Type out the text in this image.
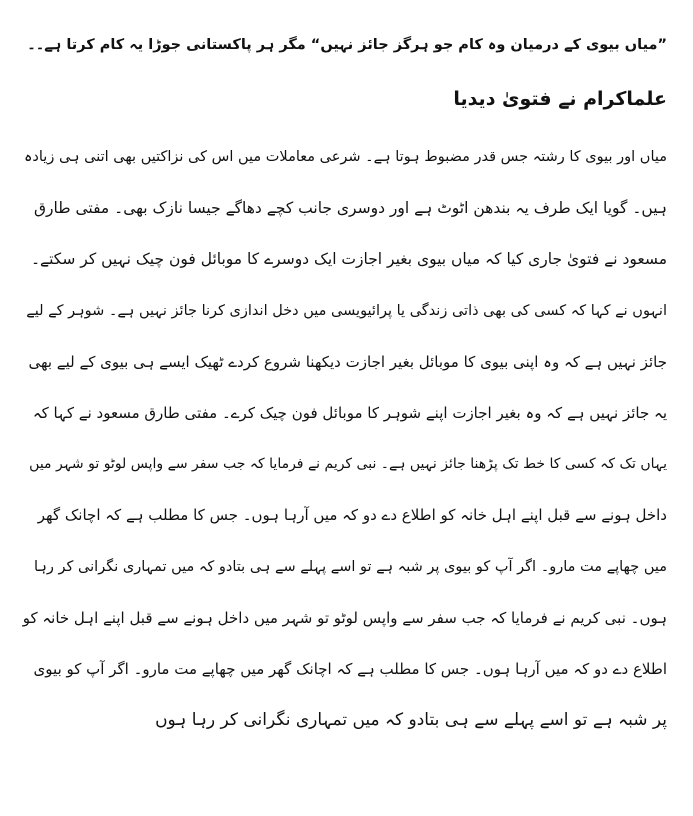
”میاں بیوی کے درمیان وہ کام جو ہرگز جائز نہیں“ مگر ہر پاکستانی جوڑا یہ کام کرتا ہے۔۔
علماکرام نے فتویٰ دیدیا

میاں اور بیوی کا رشتہ جس قدر مضبوط ہوتا ہے۔ شرعی معاملات میں اس کی نزاکتیں بھی اتنی ہی زیادہ
ہیں۔ گویا ایک طرف یہ بندھن اٹوٹ ہے اور دوسری جانب کچے دھاگے جیسا نازک بھی۔ مفتی طارق
مسعود نے فتویٰ جاری کیا کہ میاں بیوی بغیر اجازت ایک دوسرے کا موبائل فون چیک نہیں کر سکتے۔
انہوں نے کہا کہ کسی کی بھی ذاتی زندگی یا پرائیویسی میں دخل اندازی کرنا جائز نہیں ہے۔ شوہر کے لیے
جائز نہیں ہے کہ وہ اپنی بیوی کا موبائل بغیر اجازت دیکھنا شروع کردے ٹھیک ایسے ہی بیوی کے لیے بھی
یہ جائز نہیں ہے کہ وہ بغیر اجازت اپنے شوہر کا موبائل فون چیک کرے۔ مفتی طارق مسعود نے کہا کہ
یہاں تک کہ کسی کا خط تک پڑھنا جائز نہیں ہے۔ نبی کریم نے فرمایا کہ جب سفر سے واپس لوٹو تو شہر میں
داخل ہونے سے قبل اپنے اہل خانہ کو اطلاع دے دو کہ میں آرہا ہوں۔ جس کا مطلب ہے کہ اچانک گھر
میں چھاپے مت مارو۔ اگر آپ کو بیوی پر شبہ ہے تو اسے پہلے سے ہی بتادو کہ میں تمہاری نگرانی کر رہا
ہوں۔ نبی کریم نے فرمایا کہ جب سفر سے واپس لوٹو تو شہر میں داخل ہونے سے قبل اپنے اہل خانہ کو
اطلاع دے دو کہ میں آرہا ہوں۔ جس کا مطلب ہے کہ اچانک گھر میں چھاپے مت مارو۔ اگر آپ کو بیوی
پر شبہ ہے تو اسے پہلے سے ہی بتادو کہ میں تمہاری نگرانی کر رہا ہوں
